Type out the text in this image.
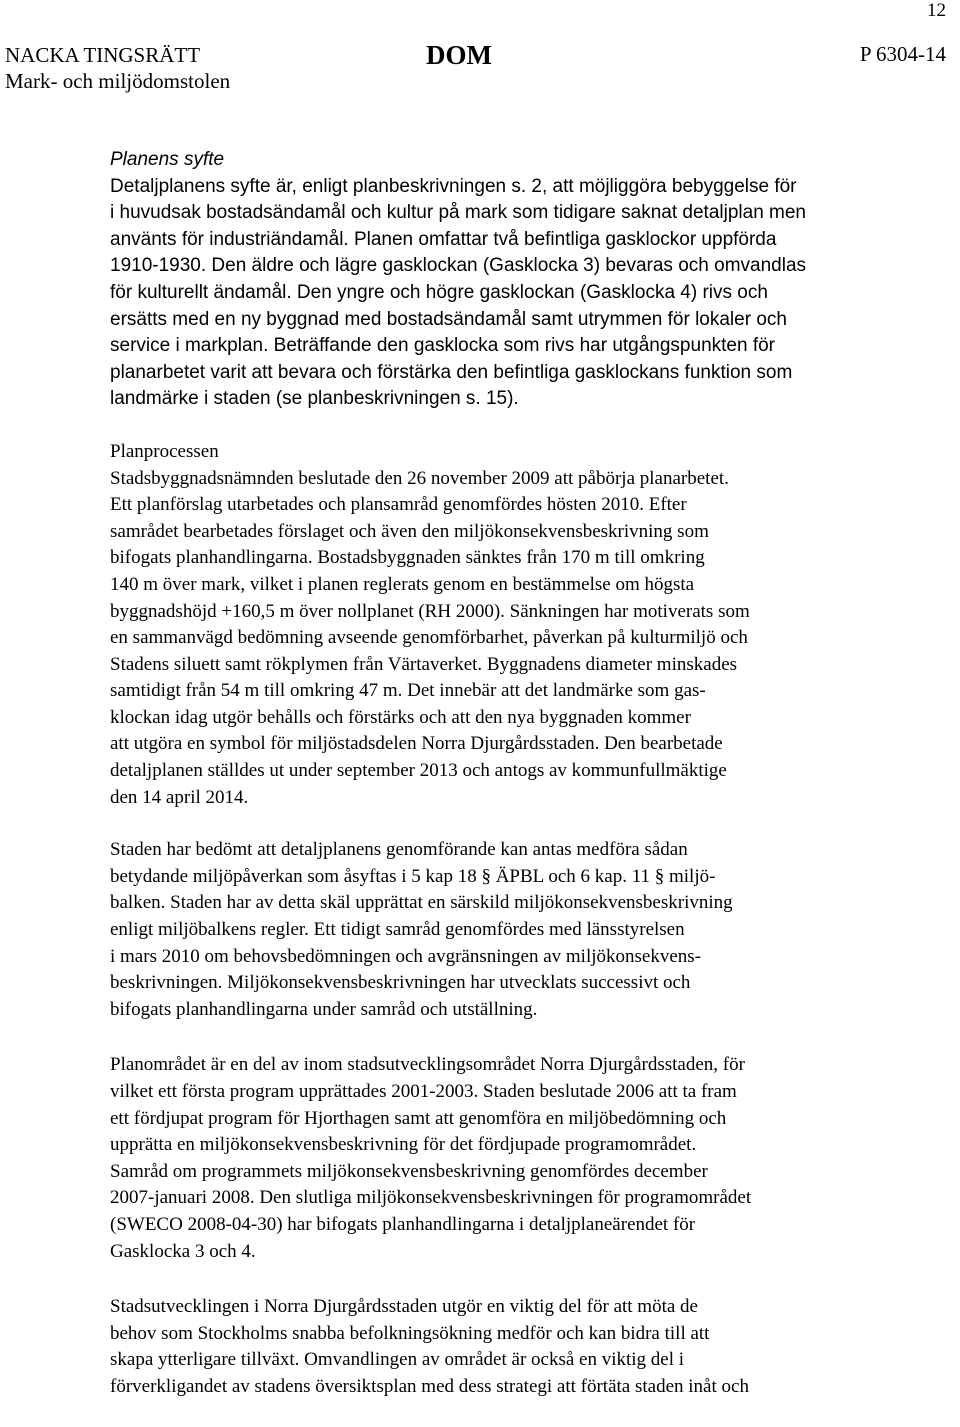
12
NACKA TINGSRÄTT
Mark- och miljödomstolen
DOM	P 6304-14
Planens syfte
Detaljplanens syfte är, enligt planbeskrivningen s. 2, att möjliggöra bebyggelse för
i huvudsak bostadsändamål och kultur på mark som tidigare saknat detaljplan men
använts för industriändamål. Planen omfattar två befintliga gasklockor uppförda
1910-1930. Den äldre och lägre gasklockan (Gasklocka 3) bevaras och omvandlas
för kulturellt ändamål. Den yngre och högre gasklockan (Gasklocka 4) rivs och
ersätts med en ny byggnad med bostadsändamål samt utrymmen för lokaler och
service i markplan. Beträffande den gasklocka som rivs har utgångspunkten för
planarbetet varit att bevara och förstärka den befintliga gasklockans funktion som
landmärke i staden (se planbeskrivningen s. 15).
Planprocessen
Stadsbyggnadsnämnden beslutade den 26 november 2009 att påbörja planarbetet.
Ett planförslag utarbetades och plansamråd genomfördes hösten 2010. Efter
samrådet bearbetades förslaget och även den miljökonsekvensbeskrivning som
bifogats planhandlingarna. Bostadsbyggnaden sänktes från 170 m till omkring
140 m över mark, vilket i planen reglerats genom en bestämmelse om högsta
byggnadshöjd +160,5 m över nollplanet (RH 2000). Sänkningen har motiverats som
en sammanvägd bedömning avseende genomförbarhet, påverkan på kulturmiljö och
Stadens siluett samt rökplymen från Värtaverket. Byggnadens diameter minskades
samtidigt från 54 m till omkring 47 m. Det innebär att det landmärke som gas-
klockan idag utgör behålls och förstärks och att den nya byggnaden kommer
att utgöra en symbol för miljöstadsdelen Norra Djurgårdsstaden. Den bearbetade
detaljplanen ställdes ut under september 2013 och antogs av kommunfullmäktige
den 14 april 2014.
Staden har bedömt att detaljplanens genomförande kan antas medföra sådan
betydande miljöpåverkan som åsyftas i 5 kap 18 § ÄPBL och 6 kap. 11 § miljö-
balken. Staden har av detta skäl upprättat en särskild miljökonsekvensbeskrivning
enligt miljöbalkens regler. Ett tidigt samråd genomfördes med länsstyrelsen
i mars 2010 om behovsbedömningen och avgränsningen av miljökonsekvens-
beskrivningen. Miljökonsekvensbeskrivningen har utvecklats successivt och
bifogats planhandlingarna under samråd och utställning.
Planområdet är en del av inom stadsutvecklingsområdet Norra Djurgårdsstaden, för
vilket ett första program upprättades 2001-2003. Staden beslutade 2006 att ta fram
ett fördjupat program för Hjorthagen samt att genomföra en miljöbedömning och
upprätta en miljökonsekvensbeskrivning för det fördjupade programområdet.
Samråd om programmets miljökonsekvensbeskrivning genomfördes december
2007-januari 2008. Den slutliga miljökonsekvensbeskrivningen för programområdet
(SWECO 2008-04-30) har bifogats planhandlingarna i detaljplaneärendet för
Gasklocka 3 och 4.
Stadsutvecklingen i Norra Djurgårdsstaden utgör en viktig del för att möta de
behov som Stockholms snabba befolkningsökning medför och kan bidra till att
skapa ytterligare tillväxt. Omvandlingen av området är också en viktig del i
förverkligandet av stadens översiktsplan med dess strategi att förtäta staden inåt och
